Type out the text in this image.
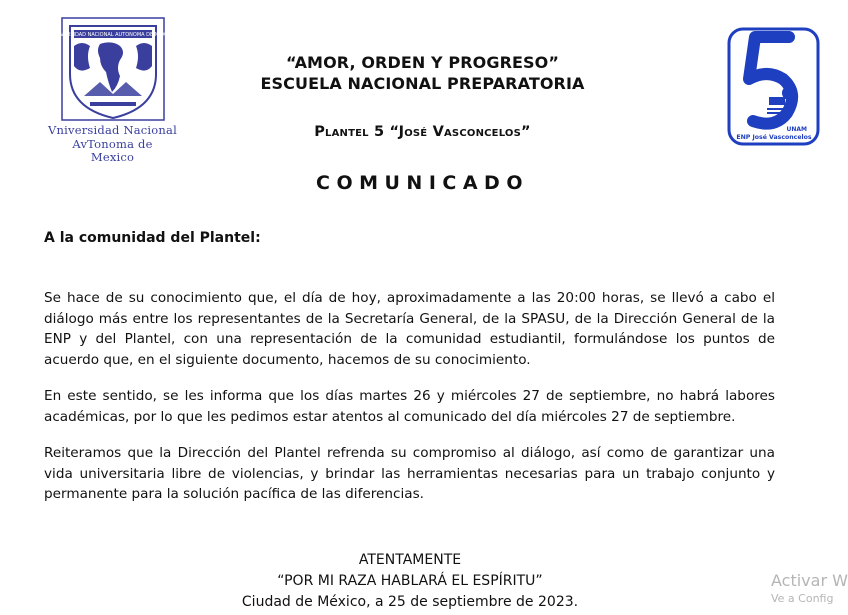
UNIVERSIDAD NACIONAL AUTONOMA DE MEXICO
Vniversidad Nacional
AvTonoma de
Mexico
UNAM
ENP José Vasconcelos
“AMOR, ORDEN Y PROGRESO”
ESCUELA NACIONAL PREPARATORIA
Plantel 5 “José Vasconcelos”
COMUNICADO
A la comunidad del Plantel:
Se hace de su conocimiento que, el día de hoy, aproximadamente a las 20:00 horas, se llevó a cabo el diálogo más entre los representantes de la Secretaría General, de la SPASU, de la Dirección General de la ENP y del Plantel, con una representación de la comunidad estudiantil, formulándose los puntos de acuerdo que, en el siguiente documento, hacemos de su conocimiento.
En este sentido, se les informa que los días martes 26 y miércoles 27 de septiembre, no habrá labores académicas, por lo que les pedimos estar atentos al comunicado del día miércoles 27 de septiembre.
Reiteramos que la Dirección del Plantel refrenda su compromiso al diálogo, así como de garantizar una vida universitaria libre de violencias, y brindar las herramientas necesarias para un trabajo conjunto y permanente para la solución pacífica de las diferencias.
ATENTAMENTE
“POR MI RAZA HABLARÁ EL ESPÍRITU”
Ciudad de México, a 25 de septiembre de 2023.
Activar W
Ve a Config
